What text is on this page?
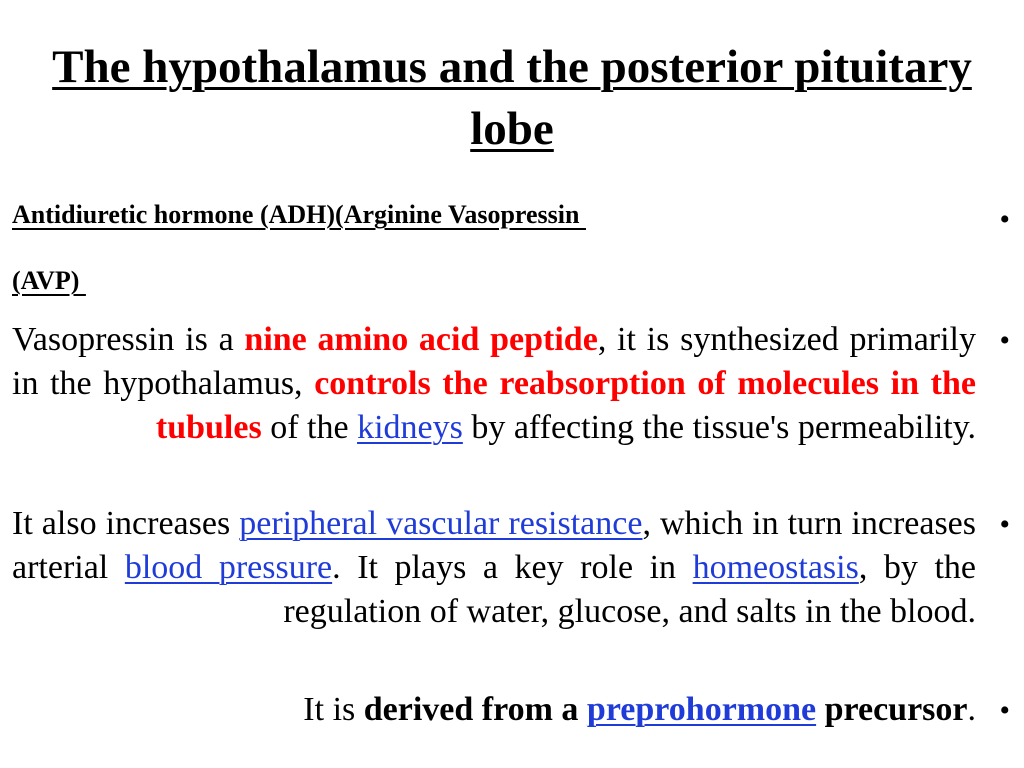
The hypothalamus and the posterior pituitary lobe
Antidiuretic hormone (ADH)(Arginine Vasopressin	•
(AVP)

Vasopressin is a nine amino acid peptide, it is synthesized primarily in the hypothalamus, controls the reabsorption of molecules in the tubules of the kidneys by affecting the tissue's permeability.

•

It also increases peripheral vascular resistance, which in turn increases arterial blood pressure. It plays a key role in homeostasis, by the regulation of water, glucose, and salts in the blood.

•

It is derived from a preprohormone precursor. •
